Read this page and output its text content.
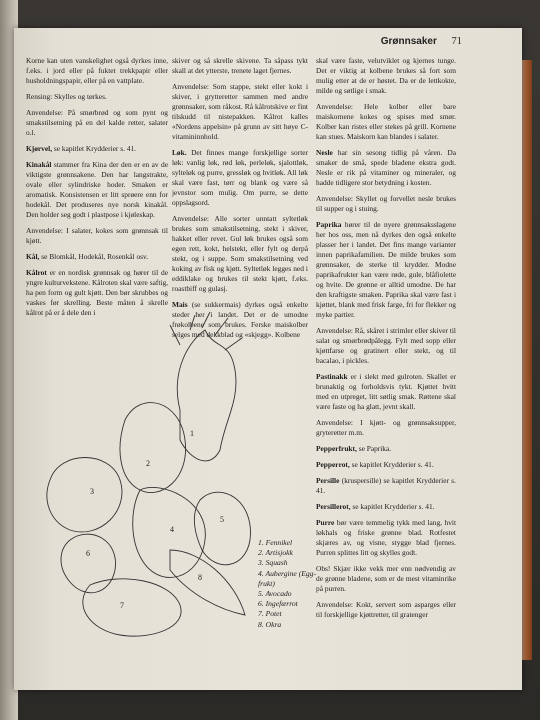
Grønnsaker 71

Korne kan uten vanskelighet også dyrkes inne, f.eks. i jord eller på fuktet trekkpapir eller husholdningspapir, eller på en vattplate.

Rensing: Skylles og tørkes.

Anvendelse: På smørbrød og som pynt og smakstilsetning på en del kalde retter, salater o.l.

Kjørvel, se kapitlet Krydderier s. 41.

Kinakål stammer fra Kina der den er en av de viktigste grønnsakene. Den har langstrakte, ovale eller sylindriske hoder. Smaken er aromatisk. Konsistensen er litt sprøere enn for hodekål. Det produseres nye norsk kinakål. Den holder seg godt i plastpose i kjøleskap.

Anvendelse: I salater, kokes som grønnsak til kjøtt.

Kål, se Blomkål, Hodekål, Rosenkål osv.

Kålrot er en nordisk grønnsak og hører til de yngre kulturvekstene. Kålroten skal være saftig, ha pen form og gult kjøtt. Den bør skrubbes og vaskes før skrelling. Beste måten å skrelle kålrot på er å dele den i

skiver og så skrelle skivene. Ta såpass tykt skall at det ytterste, trenete laget fjernes.

Anvendelse: Som stappe, stekt eller kokt i skiver, i grytteretter sammen med andre grønnsaker, som råkost. Rå kålrotskive er fint tilskudd til nistepakken. Kålrot kalles «Nordens appelsin» på grunn av sitt høye C-vitamininnhold.

Løk. Det finnes mange forskjellige sorter løk: vanlig løk, rød løk, perleløk, sjalottløk, sylteløk og purre, gressløk og hvitløk. All løk skal være fast, tørr og blank og være så jevnstor som mulig. Om purre, se dette oppslagsord.

Anvendelse: Alle sorter unntatt syltetløk brukes som smakstilsetning, stekt i skiver, hakket eller revet. Gul løk brukes også som egen rett, kokt, helstekt, eller fylt og derpå stekt, og i suppe. Som smakstilsetning ved koking av fisk og kjøtt. Syltetløk legges ned i eddiklake og brukes til stekt kjøtt, f.eks. roastbiff og gulasj.

Mais (se sukkermais) dyrkes også enkelte steder her i landet. Det er de umodne frøkolbene som brukes. Ferske maiskolber selges med dekkblad og «skjegg». Kolbene

skal være faste, velutviklet og kjernes tunge. Det er viktig at kolbene brukes så fort som mulig etter at de er høstet. Da er de lettkokte, milde og søtlige i smak.

Anvendelse: Hele kolber eller bare maiskornene kokes og spises med smør. Kolber kan ristes eller stekes på grill. Kornene kan stues. Maiskorn kan blandes i salater.

Nesle har sin sesong tidlig på våren. Da smaker de små, spede bladene ekstra godt. Nesle er rik på vitaminer og mineraler, og hadde tidligere stor betydning i kosten.

Anvendelse: Skyllet og forvellet nesle brukes til supper og i stuing.

Paprika hører til de nyere grønnsaksslagene her hos oss, men nå dyrkes den også enkelte plasser her i landet. Det fins mange varianter innen paprikafamilien. De milde brukes som grønnsaker, de sterke til krydder. Modne paprikafrukter kan være røde, gule, blåfiolette og hvite. De grønne er alltid umodne. De har den kraftigste smaken. Paprika skal være fast i kjøttet, blank med frisk farge, fri for flekker og myke partier.

Anvendelse: Rå, skåret i strimler eller skiver til salat og smørbrødpålegg. Fylt med sopp eller kjøttfarse og gratinert eller stekt, og til bacalao, i pickles.

Pastinakk er i slekt med gulroten. Skallet er brunaktig og forholdsvis tykt. Kjøttet hvitt med en utpreget, litt søtlig smak. Røttene skal være faste og ha glatt, jevnt skall.

Anvendelse: I kjøtt- og grønnsaksupper, gryteretter m.m.

Pepperfrukt, se Paprika.

Pepperrot, se kapitlet Krydderier s. 41.

Persille (kruspersille) se kapitlet Krydderier s. 41.

Persillerot, se kapitlet Krydderier s. 41.

Purre bør være temmelig tykk med lang, hvit løkhals og friske grønne blad. Rotfestet skjæres av, og visne, stygge blad fjernes. Purren splittes litt og skylles godt.

Obs! Skjær ikke vekk mer enn nødvendig av de grønne bladene, som er de mest vitaminrike på purren.

Anvendelse: Kokt, servert som asparges eller til forskjellige kjøttretter, til gratenger

1
2
3
4
5
6
7
8
1. Fennikel
2. Artisjokk
3. Squash
4. Aubergine (Egg-
frukt)
5. Avocado
6. Ingefærrot
7. Potet
8. Okra
